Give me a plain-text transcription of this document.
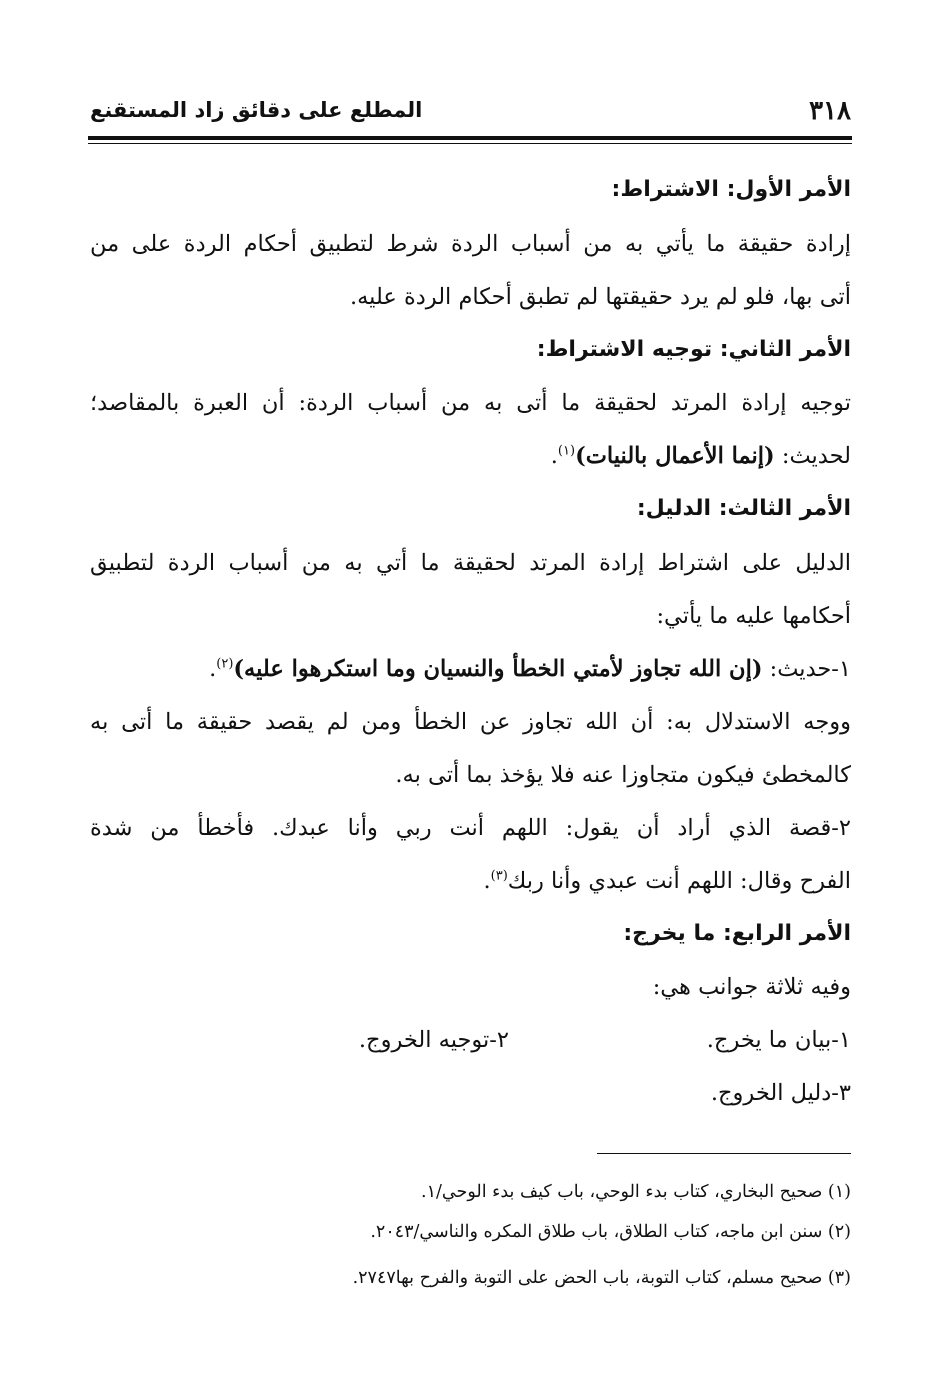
٣١٨
المطلع على دقائق زاد المستقنع
الأمر الأول: الاشتراط:
إرادة حقيقة ما يأتي به من أسباب الردة شرط لتطبيق أحكام الردة على من
أتى بها، فلو لم يرد حقيقتها لم تطبق أحكام الردة عليه.
الأمر الثاني: توجيه الاشتراط:
توجيه إرادة المرتد لحقيقة ما أتى به من أسباب الردة: أن العبرة بالمقاصد؛
لحديث: (إنما الأعمال بالنيات)$^{(١)}$.
الأمر الثالث: الدليل:
الدليل على اشتراط إرادة المرتد لحقيقة ما أتي به من أسباب الردة لتطبيق
أحكامها عليه ما يأتي:
١-حديث: (إن الله تجاوز لأمتي الخطأ والنسيان وما استكرهوا عليه)$^{(٢)}$.
ووجه الاستدلال به: أن الله تجاوز عن الخطأ ومن لم يقصد حقيقة ما أتى به
كالمخطئ فيكون متجاوزا عنه فلا يؤخذ بما أتى به.
٢-قصة الذي أراد أن يقول: اللهم أنت ربي وأنا عبدك. فأخطأ من شدة
الفرح وقال: اللهم أنت عبدي وأنا ربك$^{(٣)}$.
الأمر الرابع: ما يخرج:
وفيه ثلاثة جوانب هي:
١-بيان ما يخرج.
٢-توجيه الخروج.
٣-دليل الخروج.
(١) صحيح البخاري، كتاب بدء الوحي، باب كيف بدء الوحي/١.
(٢) سنن ابن ماجه، كتاب الطلاق، باب طلاق المكره والناسي/٢٠٤٣.
(٣) صحيح مسلم، كتاب التوبة، باب الحض على التوبة والفرح بها٢٧٤٧.
